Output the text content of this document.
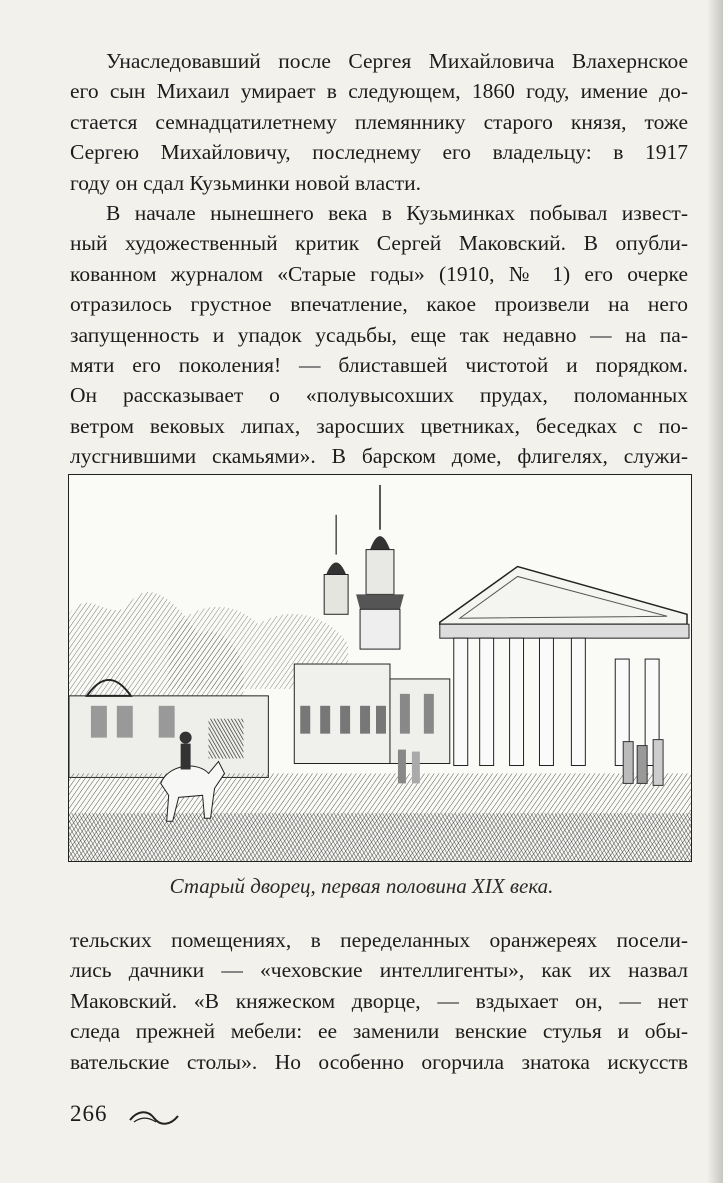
Унаследовавший после Сергея Михайловича Влахернское
его сын Михаил умирает в следующем, 1860 году, имение до-
стается семнадцатилетнему племяннику старого князя, тоже
Сергею Михайловичу, последнему его владельцу: в 1917
году он сдал Кузьминки новой власти.
В начале нынешнего века в Кузьминках побывал извест-
ный художественный критик Сергей Маковский. В опубли-
кованном журналом «Старые годы» (1910, № 1) его очерке
отразилось грустное впечатление, какое произвели на него
запущенность и упадок усадьбы, еще так недавно — на па-
мяти его поколения! — блиставшей чистотой и порядком.
Он рассказывает о «полувысохших прудах, поломанных
ветром вековых липах, заросших цветниках, беседках с по-
лусгнившими скамьями». В барском доме, флигелях, служи-
Старый дворец, первая половина XIX века.
тельских помещениях, в переделанных оранжереях посели-
лись дачники — «чеховские интеллигенты», как их назвал
Маковский. «В княжеском дворце, — вздыхает он, — нет
следа прежней мебели: ее заменили венские стулья и обы-
вательские столы». Но особенно огорчила знатока искусств
266
